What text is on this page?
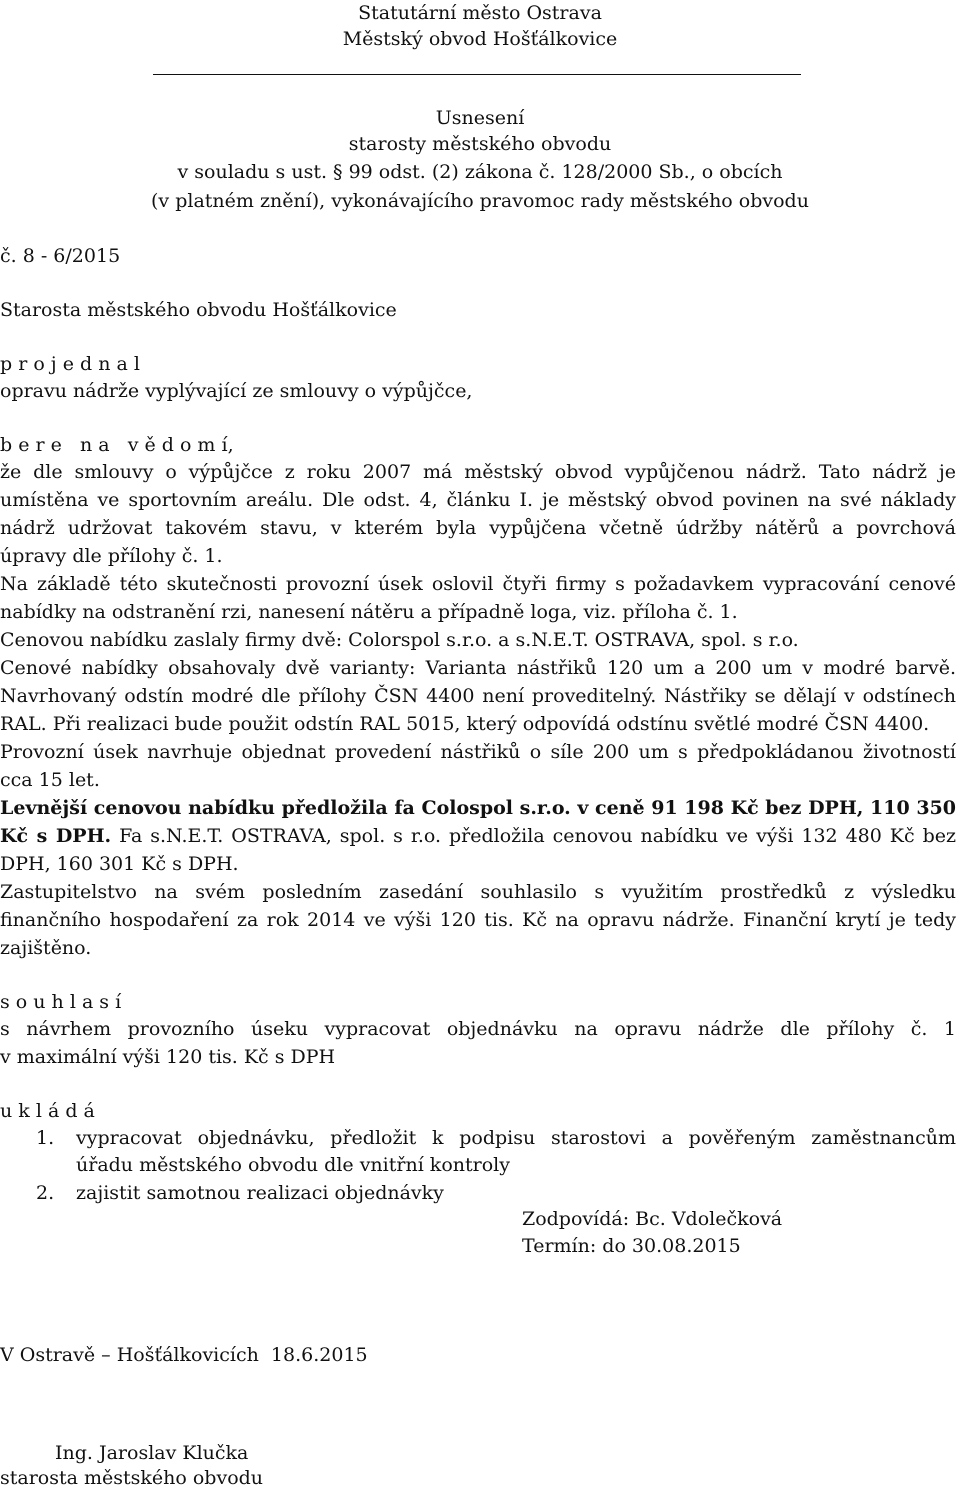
Statutární město Ostrava
Městský obvod Hošťálkovice
Usnesení
starosty městského obvodu
v souladu s ust. § 99 odst. (2) zákona č. 128/2000 Sb., o obcích
(v platném znění), vykonávajícího pravomoc rady městského obvodu
č. 8 - 6/2015
Starosta městského obvodu Hošťálkovice
p r o j e d n a l
opravu nádrže vyplývající ze smlouvy o výpůjčce,
b e r e   n a   v ě d o m í,
že dle smlouvy o výpůjčce z roku 2007 má městský obvod vypůjčenou nádrž. Tato nádrž je
umístěna ve sportovním areálu. Dle odst. 4, článku I. je městský obvod povinen na své náklady
nádrž udržovat takovém stavu, v kterém byla vypůjčena včetně údržby nátěrů a povrchová
úpravy dle přílohy č. 1.
Na základě této skutečnosti provozní úsek oslovil čtyři firmy s požadavkem vypracování cenové
nabídky na odstranění rzi, nanesení nátěru a případně loga, viz. příloha č. 1.
Cenovou nabídku zaslaly firmy dvě: Colorspol s.r.o. a s.N.E.T. OSTRAVA, spol. s r.o.
Cenové nabídky obsahovaly dvě varianty: Varianta nástřiků 120 um a 200 um v modré barvě.
Navrhovaný odstín modré dle přílohy ČSN 4400 není proveditelný. Nástřiky se dělají v odstínech
RAL. Při realizaci bude použit odstín RAL 5015, který odpovídá odstínu světlé modré ČSN 4400.
Provozní úsek navrhuje objednat provedení nástřiků o síle 200 um s předpokládanou životností
cca 15 let.
Levnější cenovou nabídku předložila fa Colospol s.r.o. v ceně 91 198 Kč bez DPH, 110 350
Kč s DPH. Fa s.N.E.T. OSTRAVA, spol. s r.o. předložila cenovou nabídku ve výši 132 480 Kč bez
DPH, 160 301 Kč s DPH.
Zastupitelstvo na svém posledním zasedání souhlasilo s využitím prostředků z výsledku
finančního hospodaření za rok 2014 ve výši 120 tis. Kč na opravu nádrže. Finanční krytí je tedy
zajištěno.
s o u h l a s í
s návrhem provozního úseku vypracovat objednávku na opravu nádrže dle přílohy č. 1
v maximální výši 120 tis. Kč s DPH
u k l á d á
1. vypracovat objednávku, předložit k podpisu starostovi a pověřeným zaměstnancům
úřadu městského obvodu dle vnitřní kontroly
2. zajistit samotnou realizaci objednávky
Zodpovídá: Bc. Vdolečková
Termín: do 30.08.2015
V Ostravě – Hošťálkovicích  18.6.2015
Ing. Jaroslav Klučka
starosta městského obvodu
